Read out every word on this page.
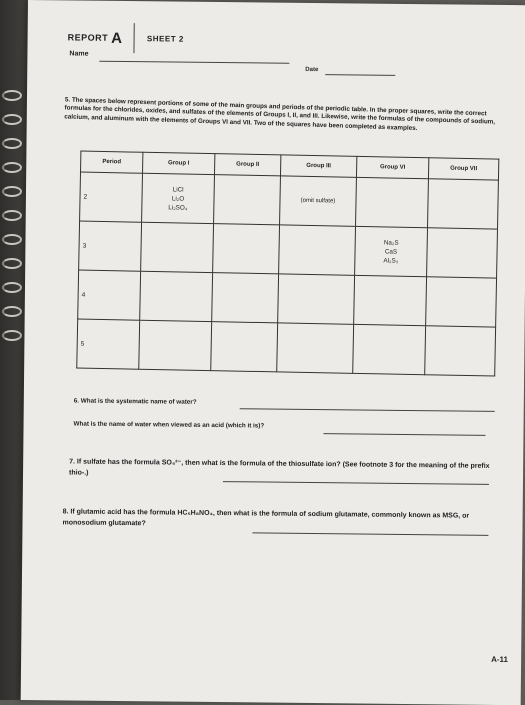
REPORT A	SHEET 2
Name
Date
5. The spaces below represent portions of some of the main groups and periods of the periodic table. In the proper squares, write the correct formulas for the chlorides, oxides, and sulfates of the elements of Groups I, II, and III. Likewise, write the formulas of the compounds of sodium, calcium, and aluminum with the elements of Groups VI and VII. Two of the squares have been completed as examples.
Period	Group I	Group II	Group III	Group VI	Group VII
2	LiCl
Li₂O
Li₂SO₄		(omit sulfate)		
3				Na₂S
CaS
Al₂S₃	

4					
5					
6. What is the systematic name of water?
What is the name of water when viewed as an acid (which it is)?
7. If sulfate has the formula SO₄²⁻, then what is the formula of the thiosulfate ion? (See footnote 3 for the meaning of the prefix thio-.)
8. If glutamic acid has the formula HC₅H₈NO₄, then what is the formula of sodium glutamate, commonly known as MSG, or monosodium glutamate?
A-11
